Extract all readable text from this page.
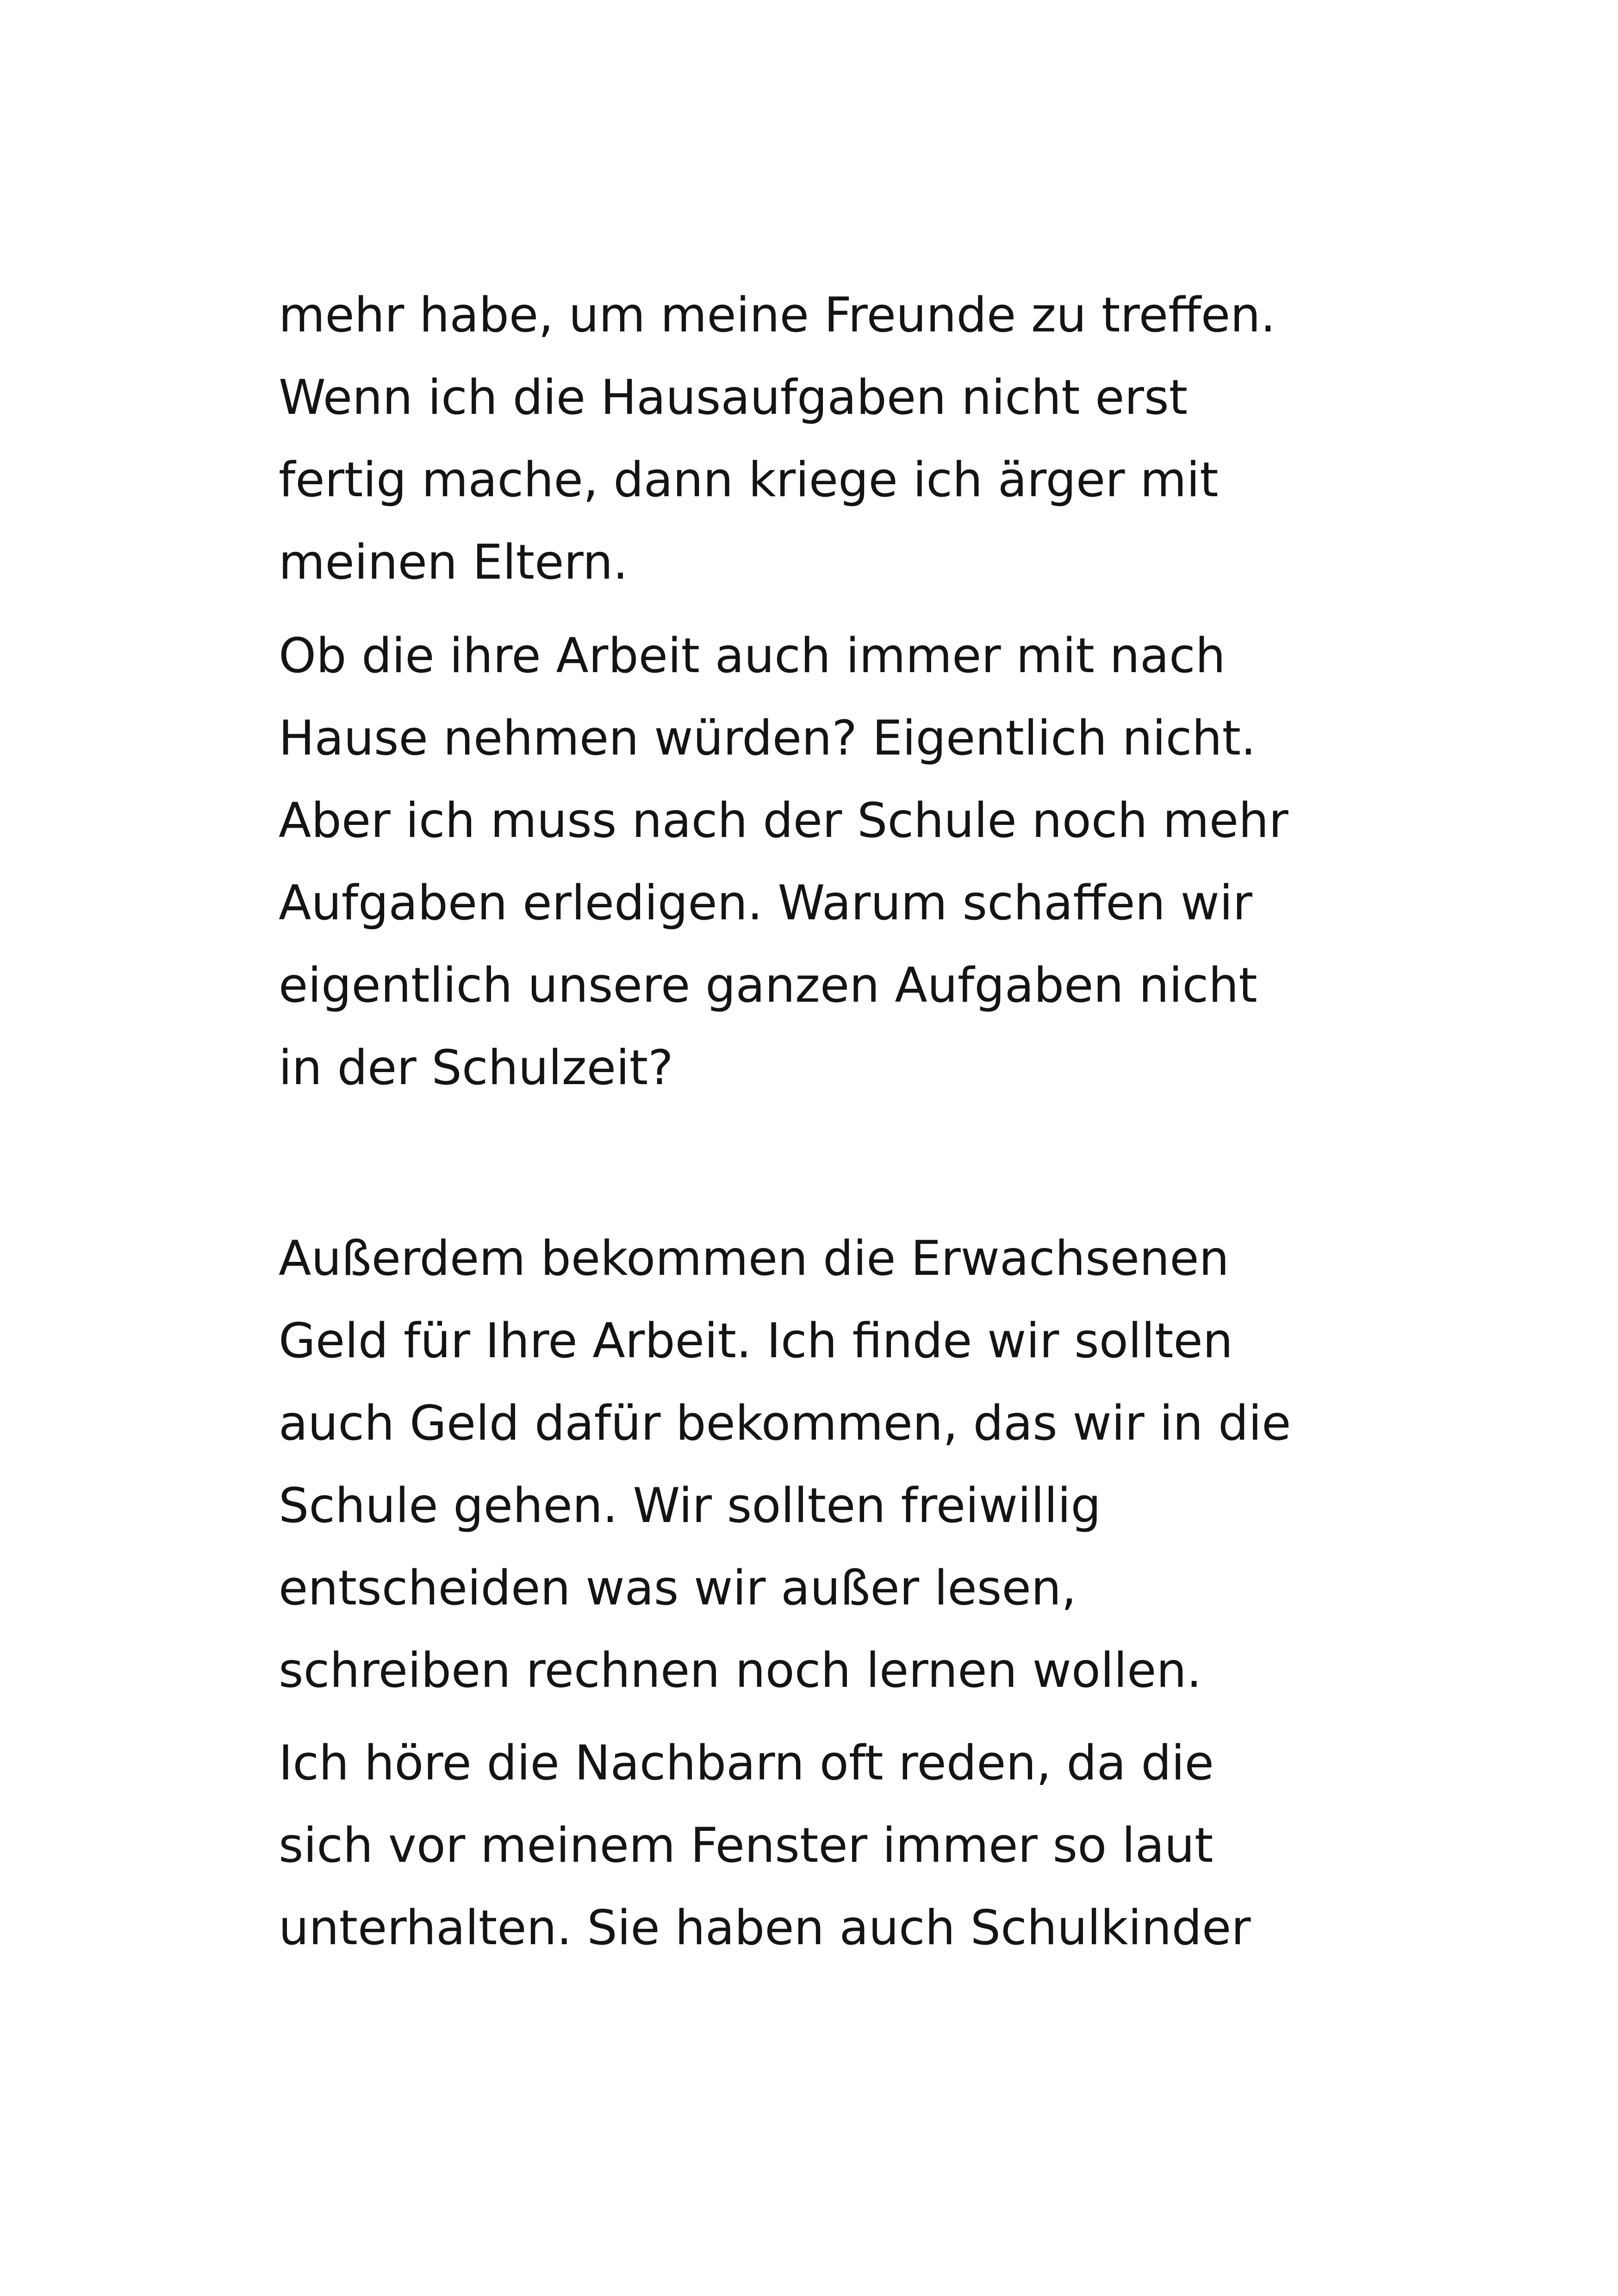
mehr habe, um meine Freunde zu treffen.
Wenn ich die Hausaufgaben nicht erst
fertig mache, dann kriege ich ärger mit
meinen Eltern.

Ob die ihre Arbeit auch immer mit nach
Hause nehmen würden? Eigentlich nicht.
Aber ich muss nach der Schule noch mehr
Aufgaben erledigen. Warum schaffen wir
eigentlich unsere ganzen Aufgaben nicht
in der Schulzeit?

Außerdem bekommen die Erwachsenen
Geld für Ihre Arbeit. Ich finde wir sollten
auch Geld dafür bekommen, das wir in die
Schule gehen. Wir sollten freiwillig
entscheiden was wir außer lesen,
schreiben rechnen noch lernen wollen.

Ich höre die Nachbarn oft reden, da die
sich vor meinem Fenster immer so laut
unterhalten. Sie haben auch Schulkinder
